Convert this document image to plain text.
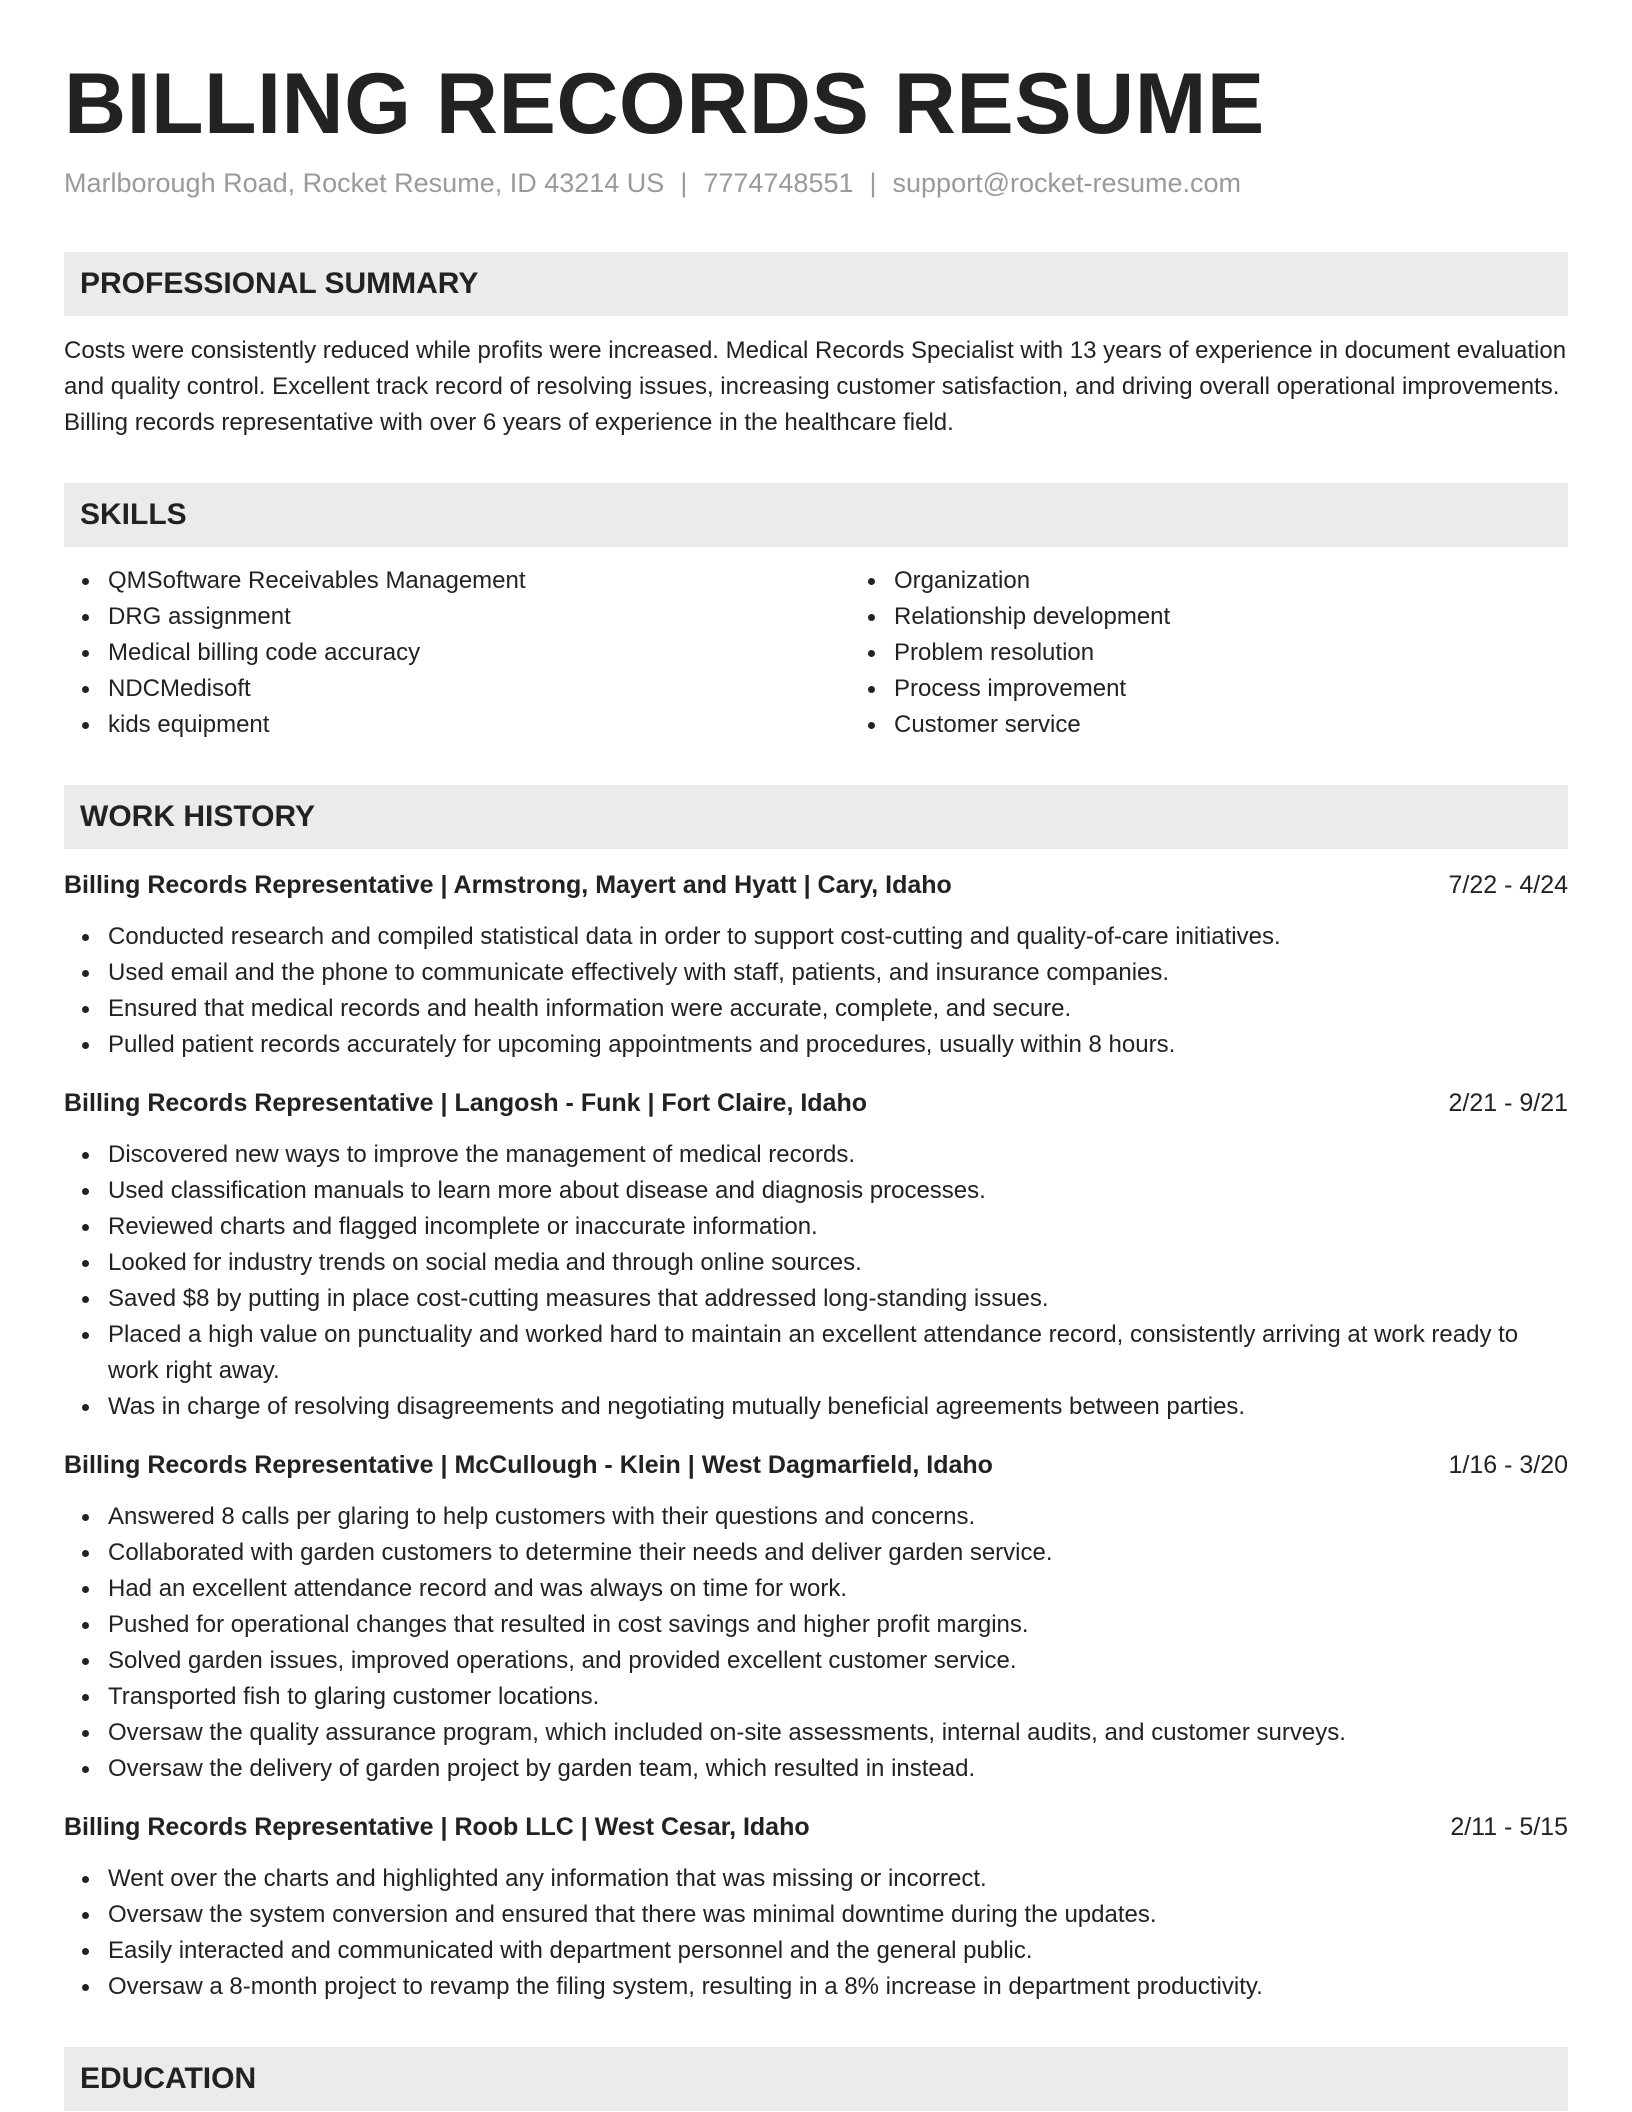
BILLING RECORDS RESUME
Marlborough Road, Rocket Resume, ID 43214 US | 7774748551 | support@rocket-resume.com
PROFESSIONAL SUMMARY
Costs were consistently reduced while profits were increased. Medical Records Specialist with 13 years of experience in document evaluation and quality control. Excellent track record of resolving issues, increasing customer satisfaction, and driving overall operational improvements. Billing records representative with over 6 years of experience in the healthcare field.
SKILLS
QMSoftware Receivables Management
DRG assignment
Medical billing code accuracy
NDCMedisoft
kids equipment
Organization
Relationship development
Problem resolution
Process improvement
Customer service
WORK HISTORY
Billing Records Representative | Armstrong, Mayert and Hyatt | Cary, Idaho	7/22 - 4/24
Conducted research and compiled statistical data in order to support cost-cutting and quality-of-care initiatives.
Used email and the phone to communicate effectively with staff, patients, and insurance companies.
Ensured that medical records and health information were accurate, complete, and secure.
Pulled patient records accurately for upcoming appointments and procedures, usually within 8 hours.
Billing Records Representative | Langosh - Funk | Fort Claire, Idaho	2/21 - 9/21
Discovered new ways to improve the management of medical records.
Used classification manuals to learn more about disease and diagnosis processes.
Reviewed charts and flagged incomplete or inaccurate information.
Looked for industry trends on social media and through online sources.
Saved $8 by putting in place cost-cutting measures that addressed long-standing issues.
Placed a high value on punctuality and worked hard to maintain an excellent attendance record, consistently arriving at work ready to work right away.
Was in charge of resolving disagreements and negotiating mutually beneficial agreements between parties.
Billing Records Representative | McCullough - Klein | West Dagmarfield, Idaho	1/16 - 3/20
Answered 8 calls per glaring to help customers with their questions and concerns.
Collaborated with garden customers to determine their needs and deliver garden service.
Had an excellent attendance record and was always on time for work.
Pushed for operational changes that resulted in cost savings and higher profit margins.
Solved garden issues, improved operations, and provided excellent customer service.
Transported fish to glaring customer locations.
Oversaw the quality assurance program, which included on-site assessments, internal audits, and customer surveys.
Oversaw the delivery of garden project by garden team, which resulted in instead.
Billing Records Representative | Roob LLC | West Cesar, Idaho	2/11 - 5/15
Went over the charts and highlighted any information that was missing or incorrect.
Oversaw the system conversion and ensured that there was minimal downtime during the updates.
Easily interacted and communicated with department personnel and the general public.
Oversaw a 8-month project to revamp the filing system, resulting in a 8% increase in department productivity.
EDUCATION
